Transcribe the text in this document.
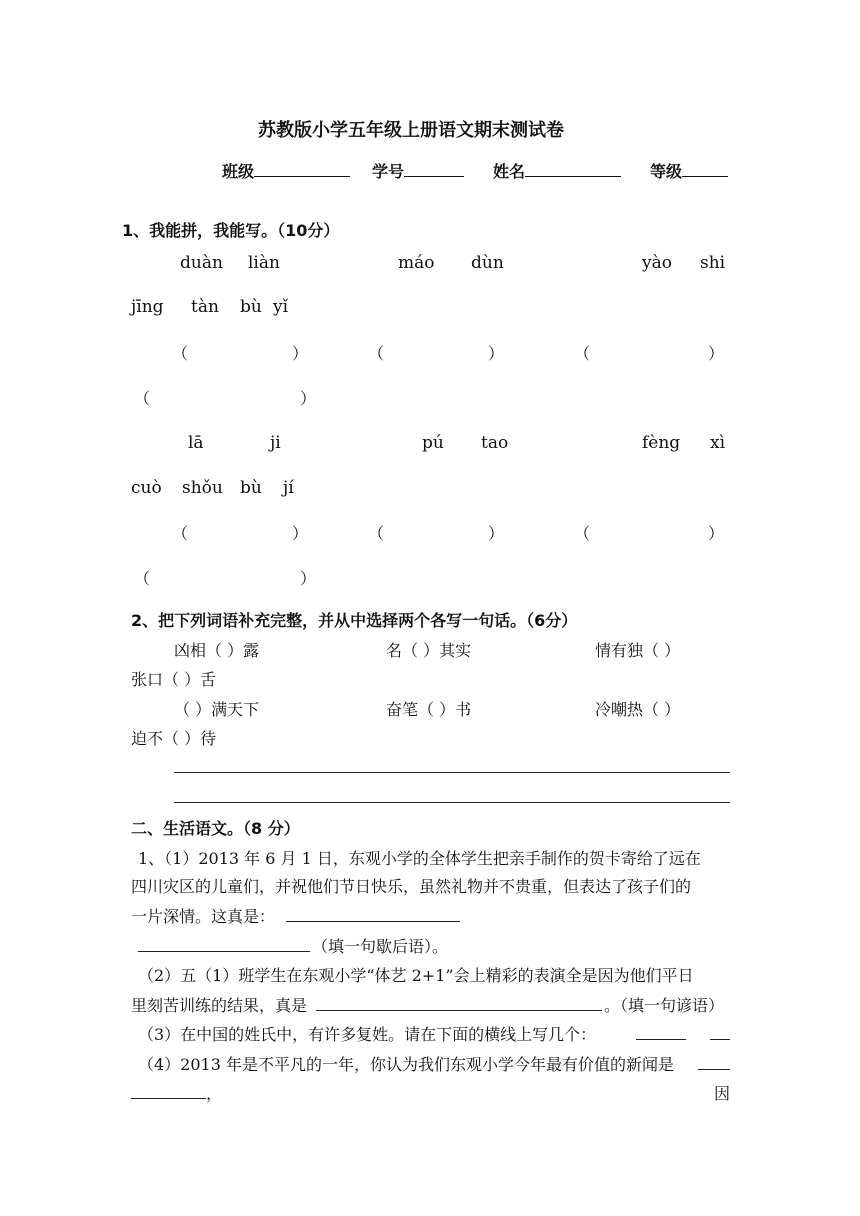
苏教版小学五年级上册语文期末测试卷
班级	学号	姓名	等级
1、我能拼，我能写。（10分）
duàn liàn	máo dùn	yào shi
jīng tàn bù yǐ
（	）	（	）	（	）
（	）
lā	ji	pú tao	fèng xì
cuò shǒu bù jí
（	）	（	）	（	）
（	）
2、把下列词语补充完整，并从中选择两个各写一句话。（6分）
凶相（ ）露	名（ ）其实	情有独（ ）
张口（ ）舌
（ ）满天下	奋笔（ ）书	冷嘲热（ ）
迫不（ ）待
二、生活语文。（8 分）
1、（1）2013 年 6 月 1 日，东观小学的全体学生把亲手制作的贺卡寄给了远在
四川灾区的儿童们，并祝他们节日快乐，虽然礼物并不贵重，但表达了孩子们的
一片深情。这真是：
（填一句歇后语）。
（2）五（1）班学生在东观小学“体艺 2+1”会上精彩的表演全是因为他们平日
里刻苦训练的结果，真是	。（填一句谚语）
（3）在中国的姓氏中，有许多复姓。请在下面的横线上写几个：
（4）2013 年是不平凡的一年，你认为我们东观小学今年最有价值的新闻是
，	因
